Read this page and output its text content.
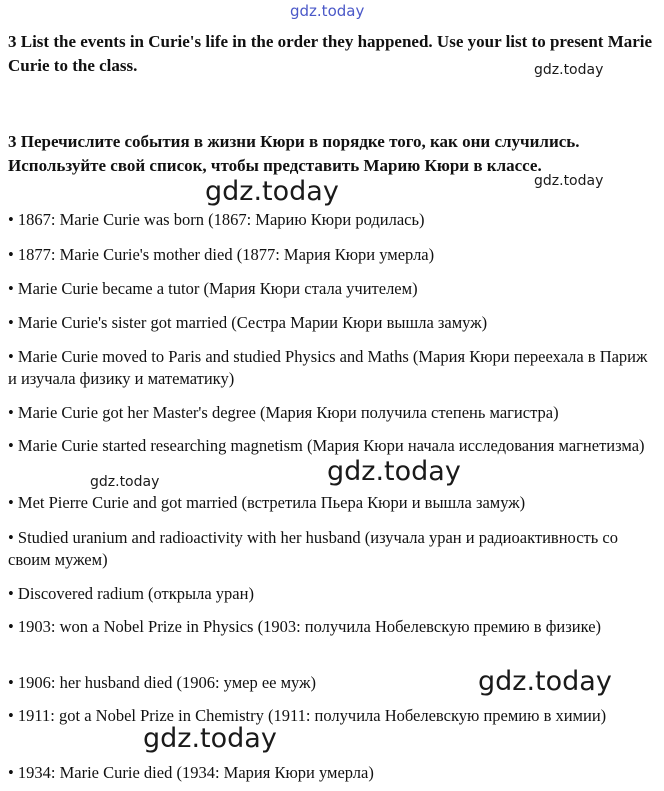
gdz.today

3 List the events in Curie's life in the order they happened. Use your list to present Marie Curie to the class.	gdz.today

3 Перечислите события в жизни Кюри в порядке того, как они случились. Используйте свой список, чтобы представить Марию Кюри в классе.

gdz.today
gdz.today
• 1867: Marie Curie was born (1867: Марию Кюри родилась)
• 1877: Marie Curie's mother died (1877: Мария Кюри умерла)
• Marie Curie became a tutor (Мария Кюри стала учителем)
• Marie Curie's sister got married (Сестра Марии Кюри вышла замуж)
• Marie Curie moved to Paris and studied Physics and Maths (Мария Кюри переехала в Париж и изучала физику и математику)
• Marie Curie got her Master's degree (Мария Кюри получила степень магистра)
• Marie Curie started researching magnetism (Мария Кюри начала исследования магнетизма)
• Met Pierre Curie and got married (встретила Пьера Кюри и вышла замуж)
• Studied uranium and radioactivity with her husband (изучала уран и радиоактивность со своим мужем)
• Discovered radium (открыла уран)
• 1903: won a Nobel Prize in Physics (1903: получила Нобелевскую премию в физике)
• 1906: her husband died (1906: умер ее муж)
• 1911: got a Nobel Prize in Chemistry (1911: получила Нобелевскую премию в химии)
• 1934: Marie Curie died (1934: Мария Кюри умерла)
gdz.today	gdz.today
gdz.today
gdz.today
